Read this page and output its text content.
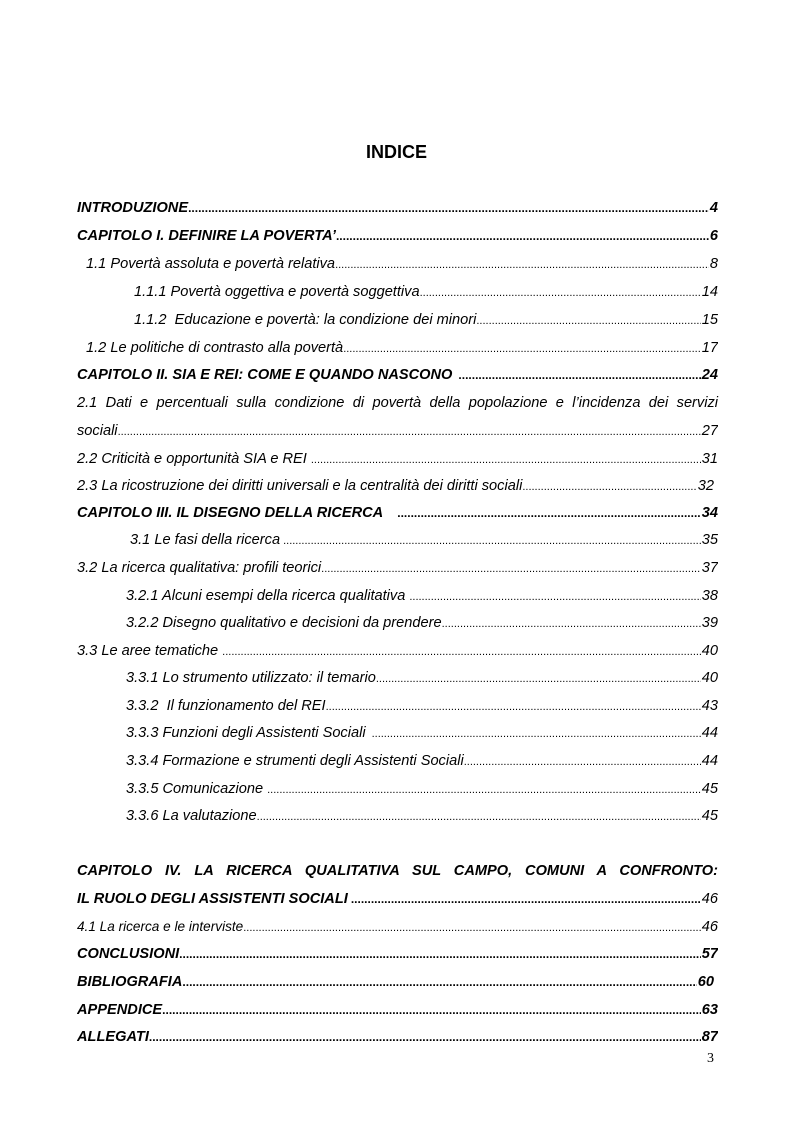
INDICE
INTRODUZIONE .....	4
CAPITOLO I. DEFINIRE LA POVERTA’ .....	6
1.1 Povertà assoluta e povertà relativa .....	8
1.1.1 Povertà oggettiva e povertà soggettiva .....	14
1.1.2  Educazione e povertà: la condizione dei minori .....	15
1.2 Le politiche di contrasto alla povertà .....	17
CAPITOLO II. SIA E REI: COME E QUANDO NASCONO .....	24
2.1 Dati e percentuali sulla condizione di povertà della popolazione e l’incidenza dei servizi
sociali .....	27
2.2 Criticità e opportunità SIA e REI .....	31
2.3 La ricostruzione dei diritti universali e la centralità dei diritti sociali .....	32
CAPITOLO III. IL DISEGNO DELLA RICERCA .....	34
3.1 Le fasi della ricerca .....	35
3.2 La ricerca qualitativa: profili teorici .....	37
3.2.1 Alcuni esempi della ricerca qualitativa .....	38
3.2.2 Disegno qualitativo e decisioni da prendere .....	39
3.3 Le aree tematiche .....	40
3.3.1 Lo strumento utilizzato: il temario .....	40
3.3.2  Il funzionamento del REI .....	43
3.3.3 Funzioni degli Assistenti Sociali .....	44
3.3.4 Formazione e strumenti degli Assistenti Sociali .....	44
3.3.5 Comunicazione .....	45
3.3.6 La valutazione .....	45
CAPITOLO IV. LA RICERCA QUALITATIVA SUL CAMPO, COMUNI A CONFRONTO:
IL RUOLO DEGLI ASSISTENTI SOCIALI .....	46
4.1 La ricerca e le interviste .....	46
CONCLUSIONI .....	57
BIBLIOGRAFIA .....	60
APPENDICE .....	63
ALLEGATI .....	87
3
